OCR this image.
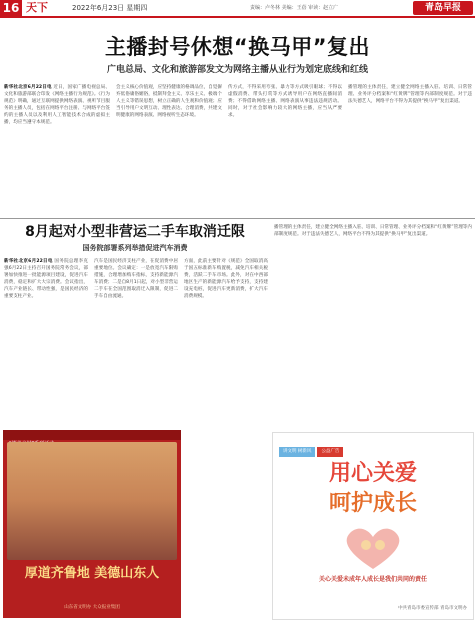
16 天下	2022年6月23日 星期四	责编：卢冬林 美编：王蓓 审读：赵立广	青岛早报
主播封号休想“换马甲”复出
广电总局、文化和旅游部发文为网络主播从业行为划定底线和红线
新华社北京6月22日电 近日，国家广播电视总局、文化和旅游部联合印发《网络主播行为规范》。《行为规范》明确，通过互联网提供网络表演、视听节目服务的主播人员，包括在网络平台注册、与网络平台签约的主播人员以及利用人工智能技术合成的虚拟主播，均应当遵守本规范。
会主义核心价值观，应坚持健康的格调品位，自觉摒弃低俗庸俗媚俗，抵制拜金主义、享乐主义、极端个人主义等错误思想，树立正确的人生观和价值观；应当引导用户文明互动、理性表达、合理消费，共建文明健康的网络表演、网络视听生态环境。
传方式，不得采用夸张、暴力等方式吸引眼球；不得以虚假消费、带头打赏等方式诱导用户在网络直播间消费；不得借助网络主播、网络表演从事违法违规活动。同时，对于社会影响力较大的网络主播，应当从严要求。
播管理的主体责任，建立健全网络主播入驻、培训、日常管理、业务评分档案和“红黄牌”管理等内部制度规范。对于违法失德艺人，网络平台不得为其提供“换马甲”复出渠道。
8月起对小型非营运二手车取消迁限
国务院部署系列举措促进汽车消费
新华社北京6月22日电 国务院总理李克强6月22日主持召开国务院常务会议，部署加快推进一批能源项目建设，促进汽车消费，稳定和扩大大宗消费。会议指出，汽车产业链长、带动性强，是国民经济的重要支柱产业。
汽车是国民经济支柱产业，在促消费中居重要地位。会议确定：一是放宽汽车限购措施，合理增加购车指标，支持新能源汽车消费；二是自8月1日起，对小型非营运二手车在全国范围取消迁入限制，促进二手车自由流通。
方面，此前主要针对《规范》全国取消高于国五标准新车购置税，减免汽车相关税费，活跃二手车市场。此外，对在中西部地区生产的新能源汽车给予支持，支持建设充电桩，促进汽车更新消费，扩大汽车消费规模。
播管理的主体责任，建立健全网络主播入驻、培训、日常管理、业务评分档案和“红黄牌”管理等内部制度规范。对于违法失德艺人，网络平台不得为其提供“换马甲”复出渠道。
厚道齐鲁地 美德山东人
山东省文明办 大众报业集团
讲文明 树新风 公益广告
用心关爱
呵护成长
关心关爱未成年人成长是我们共同的责任
中共青岛市委宣传部 青岛市文明办
